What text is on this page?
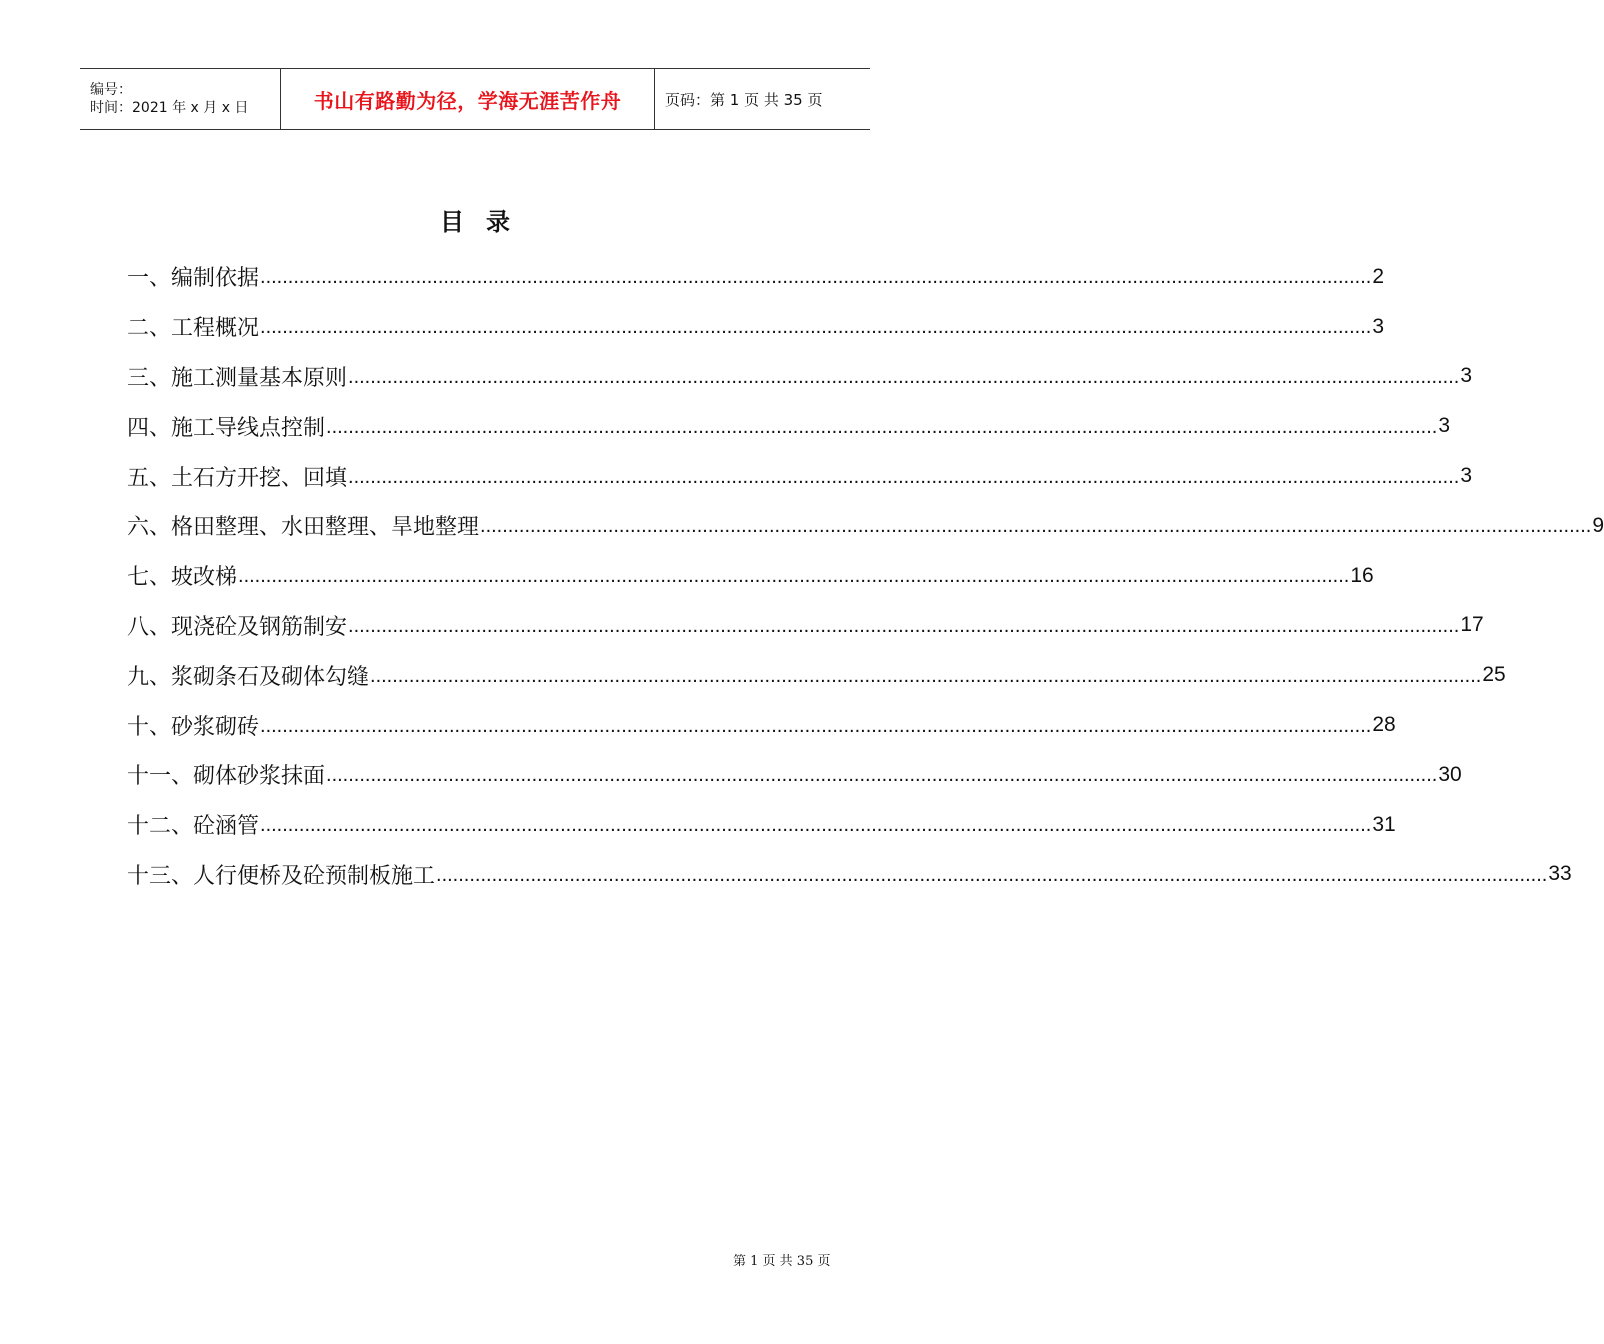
编号：
时间：2021 年 x 月 x 日	书山有路勤为径，学海无涯苦作舟	页码：第 1 页 共 35 页
目录
一、编制依据 ........................................................................................................................................................................................................ 2
二、工程概况 ........................................................................................................................................................................................................ 3
三、施工测量基本原则 ........................................................................................................................................................................................................ 3
四、施工导线点控制 ........................................................................................................................................................................................................ 3
五、土石方开挖、回填 ........................................................................................................................................................................................................ 3
六、格田整理、水田整理、旱地整理 ........................................................................................................................................................................................................ 9
七、坡改梯 ........................................................................................................................................................................................................ 16
八、现浇砼及钢筋制安 ........................................................................................................................................................................................................ 17
九、浆砌条石及砌体勾缝 ........................................................................................................................................................................................................ 25
十、砂浆砌砖 ........................................................................................................................................................................................................ 28
十一、砌体砂浆抹面 ........................................................................................................................................................................................................ 30
十二、砼涵管 ........................................................................................................................................................................................................ 31
十三、人行便桥及砼预制板施工 ........................................................................................................................................................................................................ 33
第 1 页 共 35 页
